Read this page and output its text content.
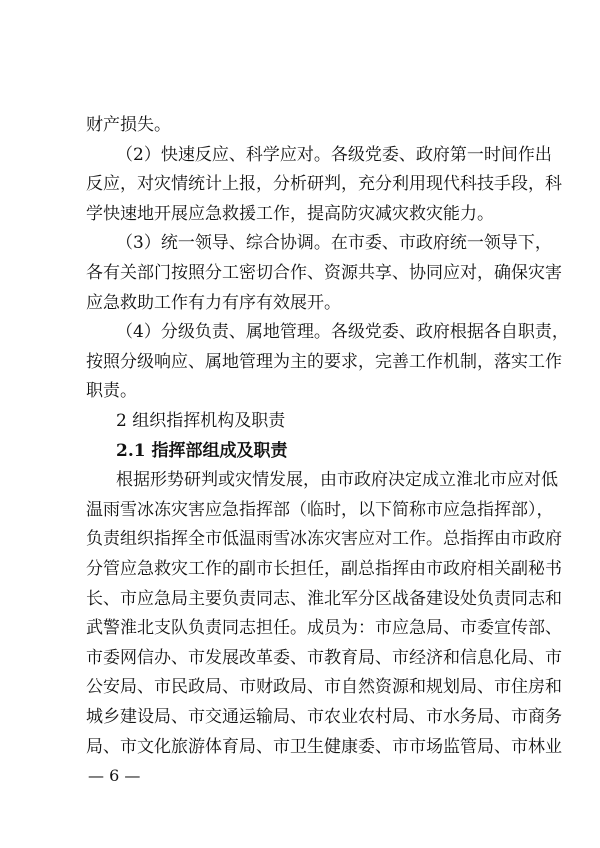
财产损失。
（2）快速反应、科学应对。各级党委、政府第一时间作出
反应，对灾情统计上报，分析研判，充分利用现代科技手段，科
学快速地开展应急救援工作，提高防灾减灾救灾能力。
（3）统一领导、综合协调。在市委、市政府统一领导下，
各有关部门按照分工密切合作、资源共享、协同应对，确保灾害
应急救助工作有力有序有效展开。
（4）分级负责、属地管理。各级党委、政府根据各自职责，
按照分级响应、属地管理为主的要求，完善工作机制，落实工作
职责。
2 组织指挥机构及职责
2.1 指挥部组成及职责
根据形势研判或灾情发展，由市政府决定成立淮北市应对低
温雨雪冰冻灾害应急指挥部（临时，以下简称市应急指挥部），
负责组织指挥全市低温雨雪冰冻灾害应对工作。总指挥由市政府
分管应急救灾工作的副市长担任，副总指挥由市政府相关副秘书
长、市应急局主要负责同志、淮北军分区战备建设处负责同志和
武警淮北支队负责同志担任。成员为：市应急局、市委宣传部、
市委网信办、市发展改革委、市教育局、市经济和信息化局、市
公安局、市民政局、市财政局、市自然资源和规划局、市住房和
城乡建设局、市交通运输局、市农业农村局、市水务局、市商务
局、市文化旅游体育局、市卫生健康委、市市场监管局、市林业
— 6 —
